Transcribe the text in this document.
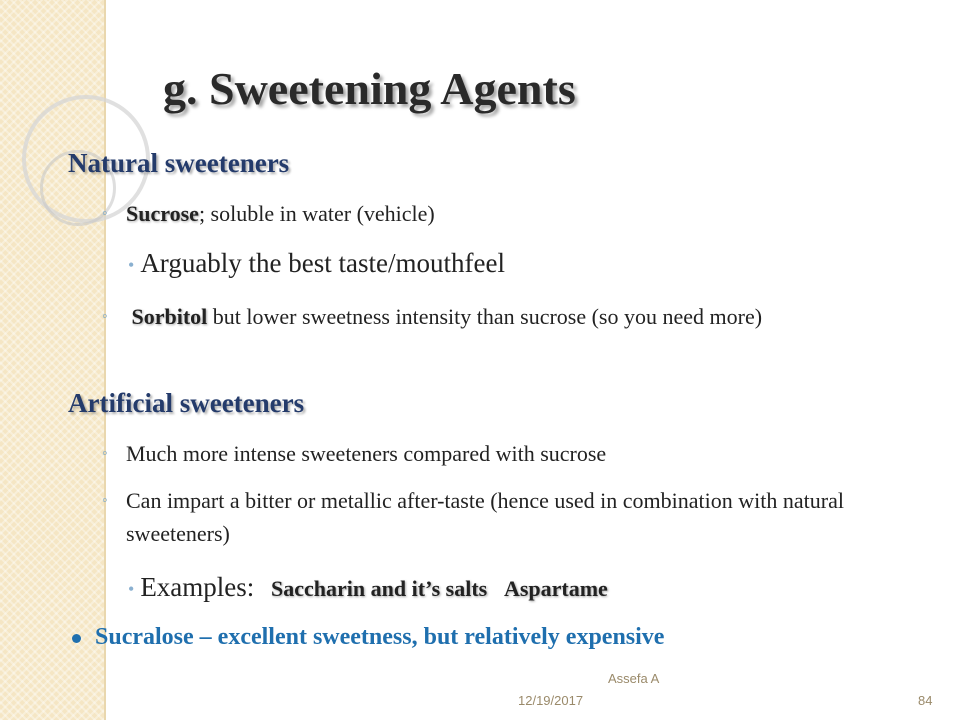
g. Sweetening Agents
Natural sweeteners
◦ Sucrose; soluble in water (vehicle)
• Arguably the best taste/mouthfeel
◦	Sorbitol but lower sweetness intensity than sucrose (so you need more)
Artificial sweeteners
◦ Much more intense sweeteners compared with sucrose
◦ Can impart a bitter or metallic after-taste (hence used in combination with natural sweeteners)
• Examples: Saccharin and it’s salts Aspartame
Sucralose – excellent sweetness, but relatively expensive
Assefa A
12/19/2017	84
